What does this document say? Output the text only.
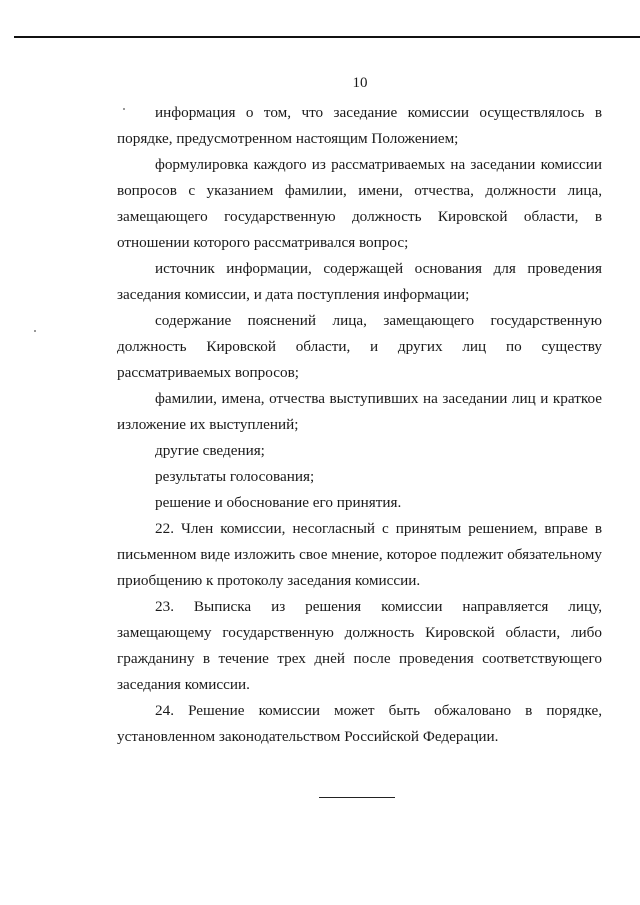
10

информация о том, что заседание комиссии осуществлялось в порядке, предусмотренном настоящим Положением;

формулировка каждого из рассматриваемых на заседании комиссии вопросов с указанием фамилии, имени, отчества, должности лица, замещающего государственную должность Кировской области, в отношении которого рассматривался вопрос;

источник информации, содержащей основания для проведения заседания комиссии, и дата поступления информации;

содержание пояснений лица, замещающего государственную должность Кировской области, и других лиц по существу рассматриваемых вопросов;

фамилии, имена, отчества выступивших на заседании лиц и краткое изложение их выступлений;

другие сведения;

результаты голосования;

решение и обоснование его принятия.

22. Член комиссии, несогласный с принятым решением, вправе в письменном виде изложить свое мнение, которое подлежит обязательному приобщению к протоколу заседания комиссии.

23. Выписка из решения комиссии направляется лицу, замещающему государственную должность Кировской области, либо гражданину в течение трех дней после проведения соответствующего заседания комиссии.

24. Решение комиссии может быть обжаловано в порядке, установленном законодательством Российской Федерации.
